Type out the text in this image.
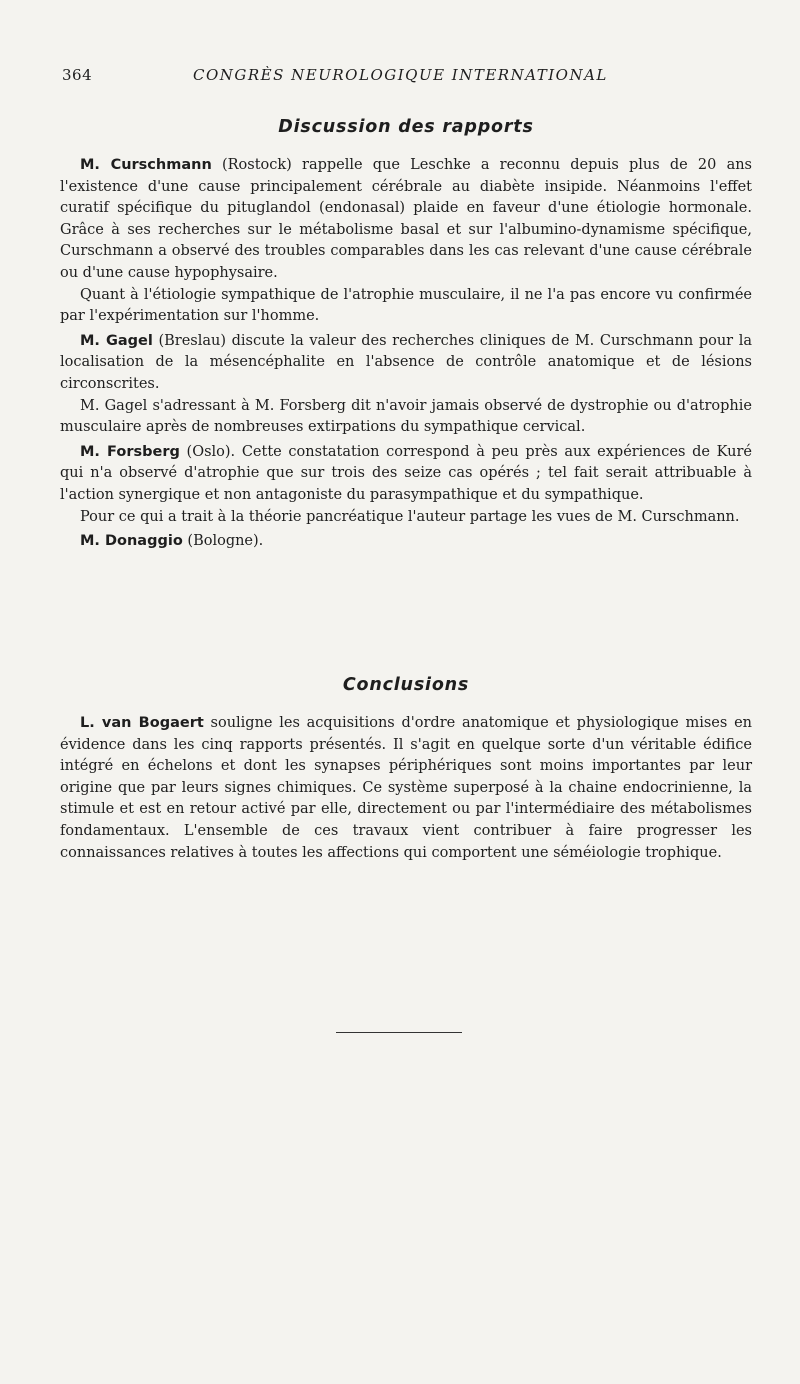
364	CONGRÈS NEUROLOGIQUE INTERNATIONAL
Discussion des rapports

M. Curschmann (Rostock) rappelle que Leschke a reconnu depuis plus de 20 ans l'existence d'une cause principalement cérébrale au diabète insipide. Néanmoins l'effet curatif spécifique du pituglandol (endonasal) plaide en faveur d'une étiologie hormonale. Grâce à ses recherches sur le métabolisme basal et sur l'albumino-dynamisme spécifique, Curschmann a observé des troubles comparables dans les cas relevant d'une cause cérébrale ou d'une cause hypophysaire.

Quant à l'étiologie sympathique de l'atrophie musculaire, il ne l'a pas encore vu confirmée par l'expérimentation sur l'homme.

M. Gagel (Breslau) discute la valeur des recherches cliniques de M. Curschmann pour la localisation de la mésencéphalite en l'absence de contrôle anatomique et de lésions circonscrites.

M. Gagel s'adressant à M. Forsberg dit n'avoir jamais observé de dystrophie ou d'atrophie musculaire après de nombreuses extirpations du sympathique cervical.

M. Forsberg (Oslo). Cette constatation correspond à peu près aux expériences de Kuré qui n'a observé d'atrophie que sur trois des seize cas opérés ; tel fait serait attribuable à l'action synergique et non antagoniste du parasympathique et du sympathique.

Pour ce qui a trait à la théorie pancréatique l'auteur partage les vues de M. Curschmann.

M. Donaggio (Bologne).

Conclusions

L. van Bogaert souligne les acquisitions d'ordre anatomique et physiologique mises en évidence dans les cinq rapports présentés. Il s'agit en quelque sorte d'un véritable édifice intégré en échelons et dont les synapses périphériques sont moins importantes par leur origine que par leurs signes chimiques. Ce système superposé à la chaine endocrinienne, la stimule et est en retour activé par elle, directement ou par l'intermédiaire des métabolismes fondamentaux. L'ensemble de ces travaux vient contribuer à faire progresser les connaissances relatives à toutes les affections qui comportent une séméiologie trophique.
